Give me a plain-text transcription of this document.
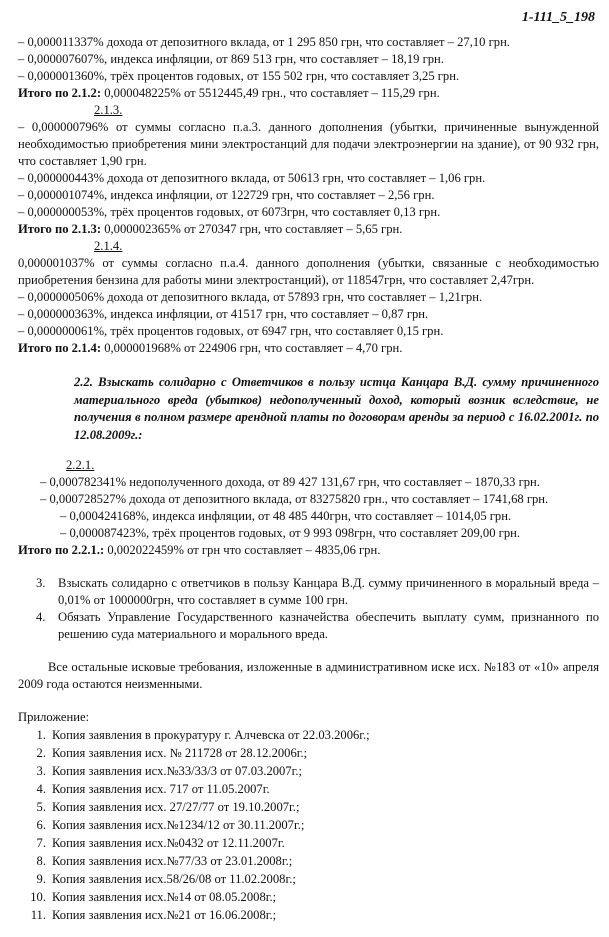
1-111_5_198

– 0,000011337% дохода от депозитного вклада, от 1 295 850 грн, что составляет – 27,10 грн.

– 0,000007607%, индекса инфляции, от 869 513 грн, что составляет – 18,19 грн.

– 0,000001360%, трёх процентов годовых, от 155 502 грн, что составляет 3,25 грн.

Итого по 2.1.2: 0,000048225% от 5512445,49 грн., что составляет – 115,29 грн.

2.1.3.

– 0,000000796% от суммы согласно п.а.3. данного дополнения (убытки, причиненные вынужденной необходимостью приобретения мини электростанций для подачи электроэнергии на здание), от 90 932 грн, что составляет 1,90 грн.

– 0,000000443% дохода от депозитного вклада, от 50613 грн, что составляет – 1,06 грн.

– 0,000001074%, индекса инфляции, от 122729 грн, что составляет – 2,56 грн.

– 0,000000053%, трёх процентов годовых, от 6073грн, что составляет 0,13 грн.

Итого по 2.1.3: 0,000002365% от 270347 грн, что составляет – 5,65 грн.

2.1.4.

0,000001037% от суммы согласно п.а.4. данного дополнения (убытки, связанные с необходимостью приобретения бензина для работы мини электростанций), от 118547грн, что составляет 2,47грн.

– 0,000000506% дохода от депозитного вклада, от 57893 грн, что составляет – 1,21грн.

– 0,000000363%, индекса инфляции, от 41517 грн, что составляет – 0,87 грн.

– 0,000000061%, трёх процентов годовых, от 6947 грн, что составляет 0,15 грн.

Итого по 2.1.4: 0,000001968% от 224906 грн, что составляет – 4,70 грн.

2.2. Взыскать солидарно с Ответчиков в пользу истца Канцара В.Д. сумму причиненного материального вреда (убытков) недополученный доход, который возник вследствие, не получения в полном размере арендной платы по договорам аренды за период с 16.02.2001г. по 12.08.2009г.:

2.2.1.

– 0,000782341% недополученного дохода, от 89 427 131,67 грн, что составляет – 1870,33 грн.

– 0,000728527% дохода от депозитного вклада, от 83275820 грн., что составляет – 1741,68 грн.

– 0,000424168%, индекса инфляции, от 48 485 440грн, что составляет – 1014,05 грн.

– 0,000087423%, трёх процентов годовых, от 9 993 098грн, что составляет 209,00 грн.

Итого по 2.2.1.: 0,002022459% от грн что составляет – 4835,06 грн.

3. Взыскать солидарно с ответчиков в пользу Канцара В.Д. сумму причиненного в моральный вреда – 0,01% от 1000000грн, что составляет в сумме 100 грн.
4. Обязать Управление Государственного казначейства обеспечить выплату сумм, признанного по решению суда материального и морального вреда.

Все остальные исковые требования, изложенные в административном иске исх. №183 от «10» апреля 2009 года остаются неизменными.

Приложение:

1. Копия заявления в прокуратуру г. Алчевска от 22.03.2006г.;
2. Копия заявления исх. № 211728 от 28.12.2006г.;
3. Копия заявления исх.№33/33/3 от 07.03.2007г.;
4. Копия заявления исх. 717 от 11.05.2007г.
5. Копия заявления исх. 27/27/77 от 19.10.2007г.;
6. Копия заявления исх.№1234/12 от 30.11.2007г.;
7. Копия заявления исх.№0432 от 12.11.2007г.
8. Копия заявления исх.№77/33 от 23.01.2008г.;
9. Копия заявления исх.58/26/08 от 11.02.2008г.;
10. Копия заявления исх.№14 от 08.05.2008г.;
11. Копия заявления исх.№21 от 16.06.2008г.;
